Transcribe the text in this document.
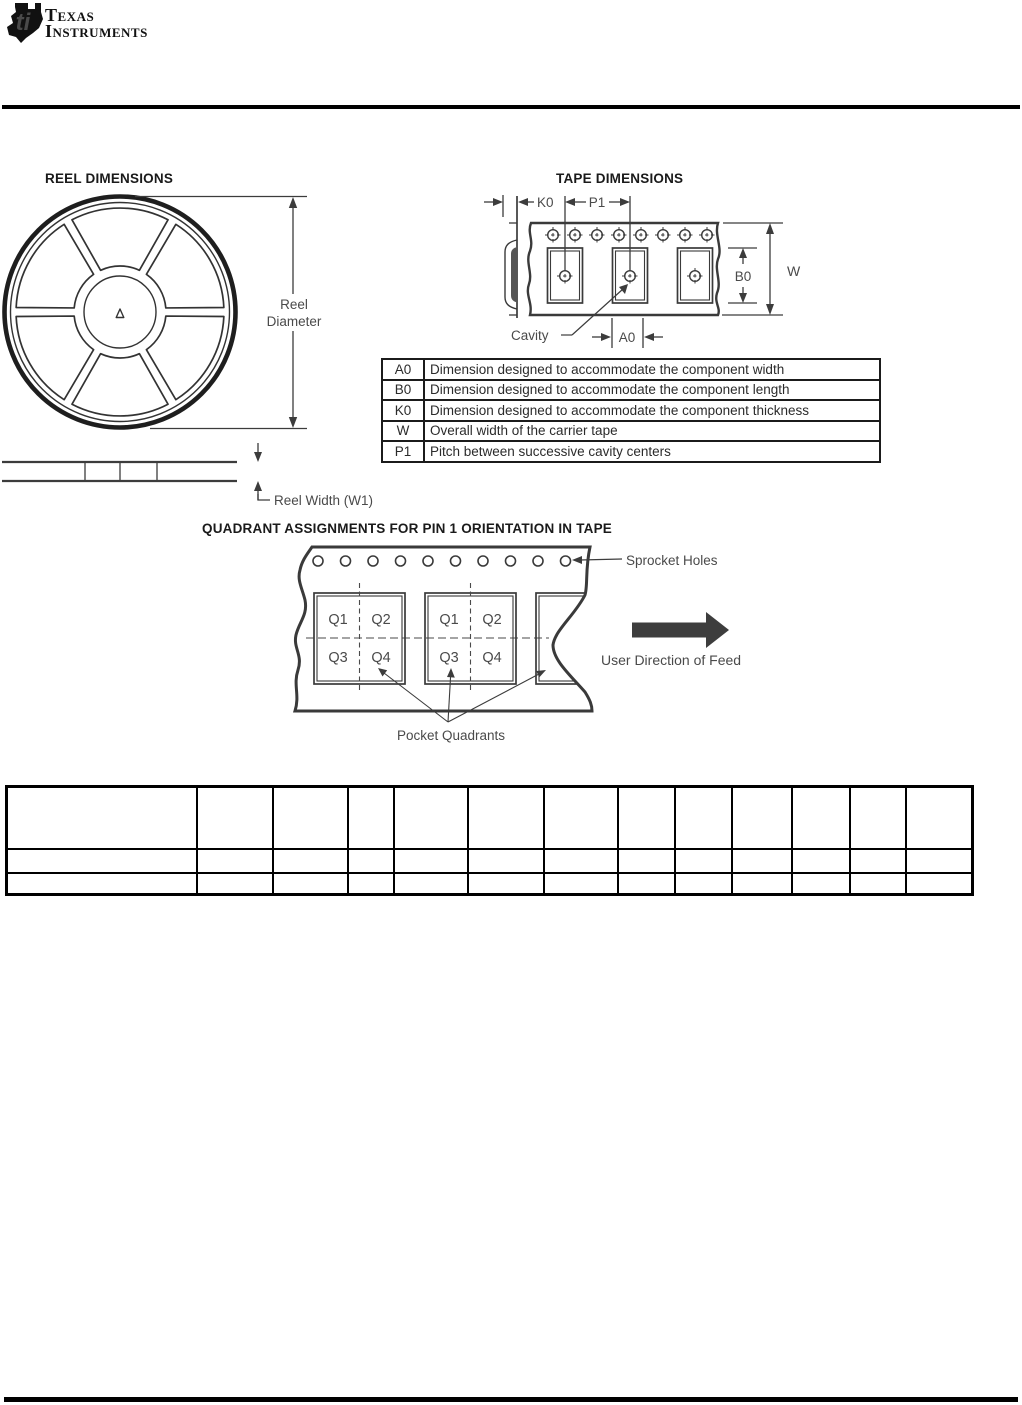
ti Texas
Instruments
REEL DIMENSIONS	TAPE DIMENSIONS
QUADRANT ASSIGNMENTS FOR PIN 1 ORIENTATION IN TAPE
Reel
Diameter
Reel Width (W1)
K0	P1
B0	W
Cavity	A0
A0	Dimension designed to accommodate the component width
B0	Dimension designed to accommodate the component length
K0	Dimension designed to accommodate the component thickness
W	Overall width of the carrier tape
P1	Pitch between successive cavity centers
Q1 Q2
Q3 Q4
Q1 Q2
Q3 Q4
Sprocket Holes
Pocket Quadrants
User Direction of Feed
